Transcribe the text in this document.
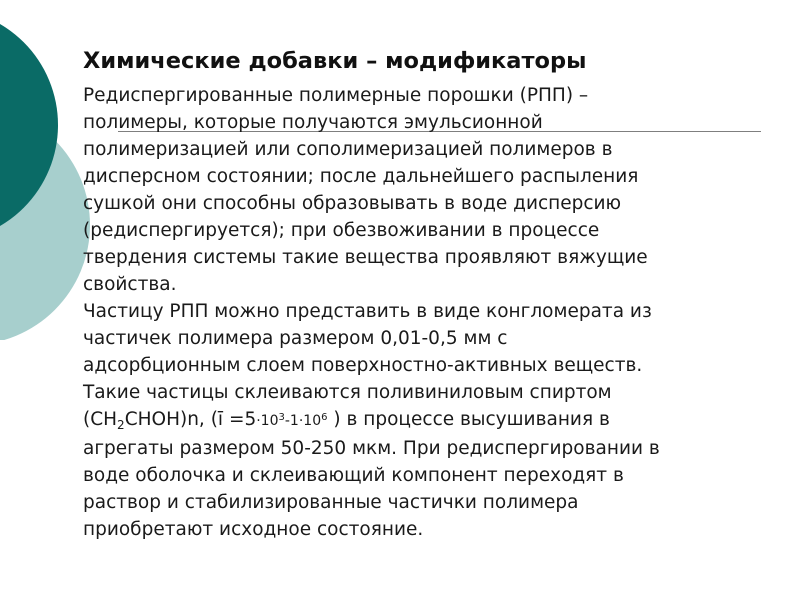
Химические добавки – модификаторы
Редиспергированные полимерные порошки (РПП) –
полимеры, которые получаются эмульсионной
полимеризацией или сополимеризацией полимеров в
дисперсном состоянии; после дальнейшего распыления
сушкой они способны образовывать в воде дисперсию
(редиспергируется); при обезвоживании в процессе
твердения системы такие вещества проявляют вяжущие
свойства.
Частицу РПП можно представить в виде конгломерата из
частичек полимера размером 0,01-0,5 мм с
адсорбционным слоем поверхностно-активных веществ.
Такие частицы склеиваются поливиниловым спиртом
$(CH_2CHOH)n$, (ī $=5\cdot 10^3-1\cdot 10^6$ ) в процессе высушивания в
агрегаты размером 50-250 мкм. При редиспергировании в
воде оболочка и склеивающий компонент переходят в
раствор и стабилизированные частички полимера
приобретают исходное состояние.
